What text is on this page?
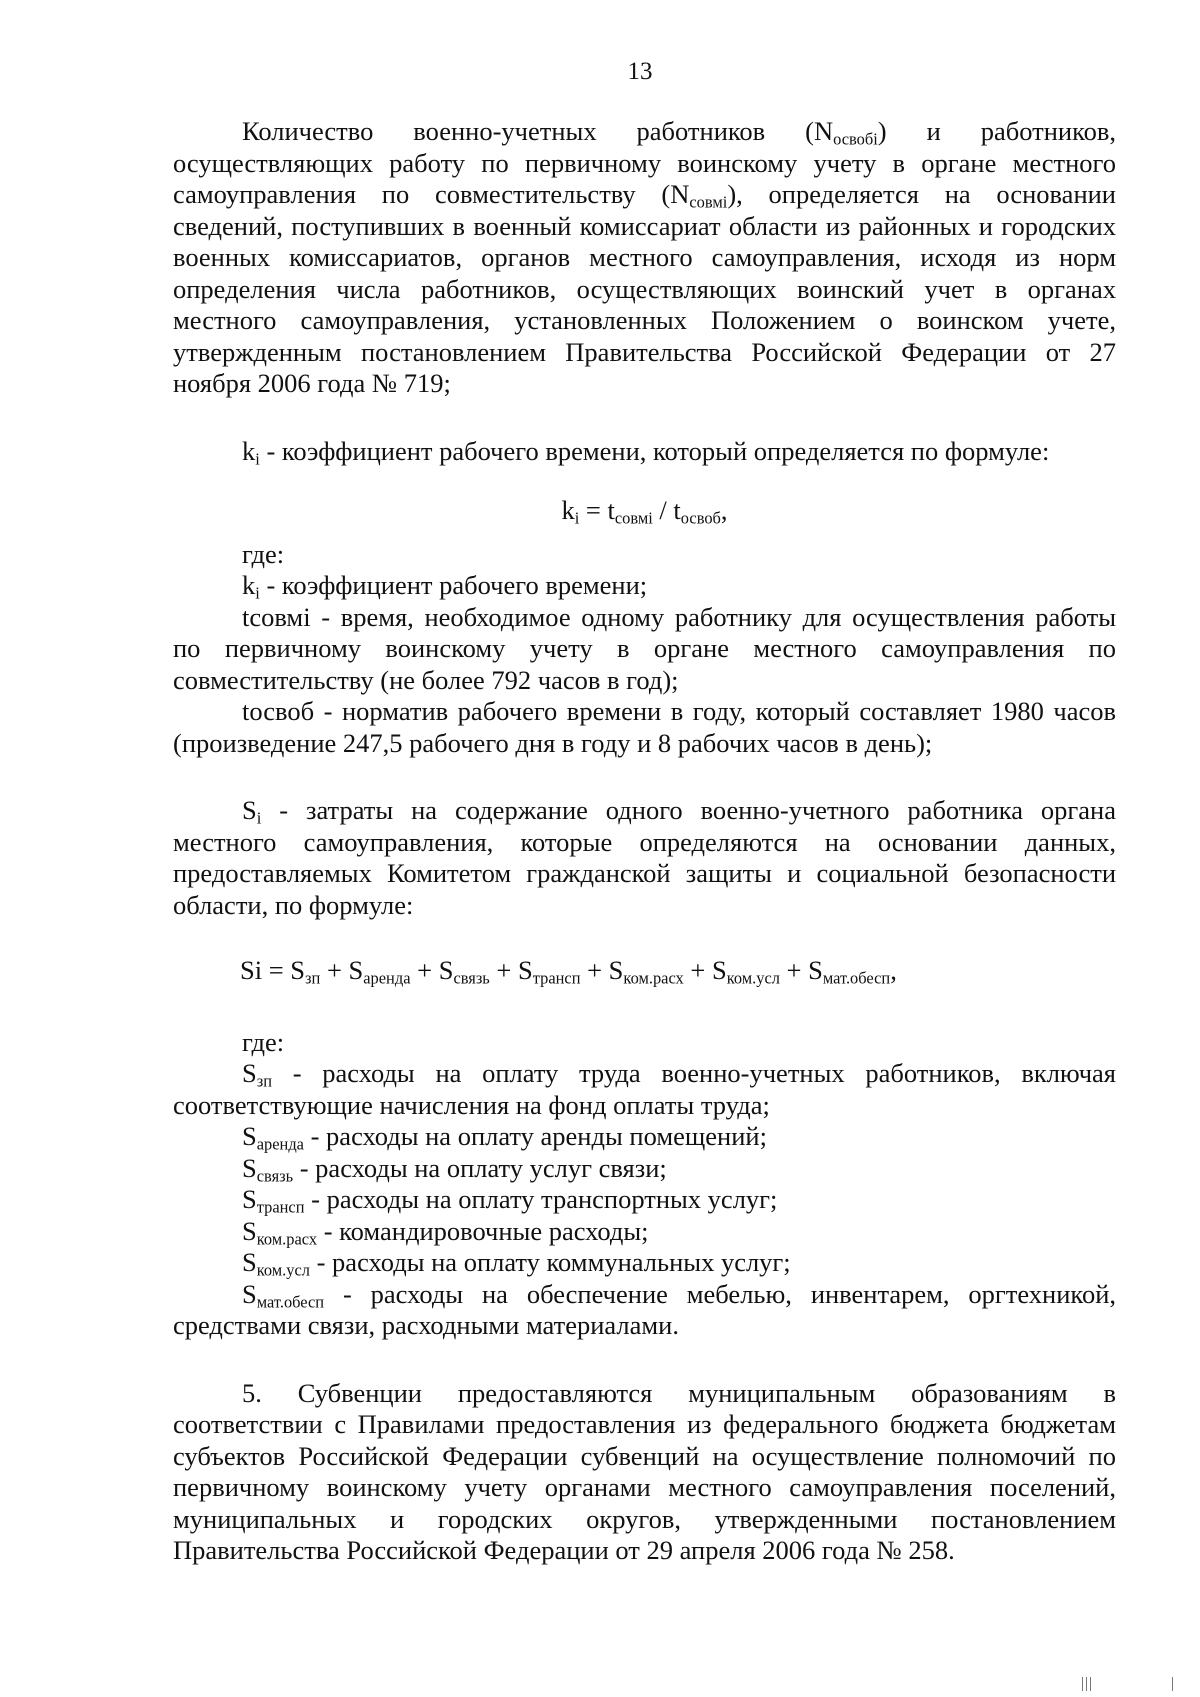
13

Количество военно-учетных работников $(N_{освобi})$ и работников, осуществляющих работу по первичному воинскому учету в органе местного самоуправления по совместительству $(N_{совмi})$, определяется на основании сведений, поступивших в военный комиссариат области из районных и городских военных комиссариатов, органов местного самоуправления, исходя из норм определения числа работников, осуществляющих воинский учет в органах местного самоуправления, установленных Положением о воинском учете, утвержденным постановлением Правительства Российской Федерации от 27 ноября 2006 года № 719;

$k_i$ - коэффициент рабочего времени, который определяется по формуле:

$k_i = t_{совмi} / t_{освоб}$,

где:

$k_i$ - коэффициент рабочего времени;

tсовмi - время, необходимое одному работнику для осуществления работы по первичному воинскому учету в органе местного самоуправления по совместительству (не более 792 часов в год);

tосвоб - норматив рабочего времени в году, который составляет 1980 часов (произведение 247,5 рабочего дня в году и 8 рабочих часов в день);

$S_i$ - затраты на содержание одного военно-учетного работника органа местного самоуправления, которые определяются на основании данных, предоставляемых Комитетом гражданской защиты и социальной безопасности области, по формуле:

$Si = S_{зп} + S_{аренда} + S_{связь} + S_{трансп} + S_{ком.расх} + S_{ком.усл} + S_{мат.обесп}$,

где:

$S_{зп}$ - расходы на оплату труда военно-учетных работников, включая соответствующие начисления на фонд оплаты труда;

$S_{аренда}$ - расходы на оплату аренды помещений;

$S_{связь}$ - расходы на оплату услуг связи;

$S_{трансп}$ - расходы на оплату транспортных услуг;

$S_{ком.расх}$ - командировочные расходы;

$S_{ком.усл}$ - расходы на оплату коммунальных услуг;

$S_{мат.обесп}$ - расходы на обеспечение мебелью, инвентарем, оргтехникой, средствами связи, расходными материалами.

5. Субвенции предоставляются муниципальным образованиям в соответствии с Правилами предоставления из федерального бюджета бюджетам субъектов Российской Федерации субвенций на осуществление полномочий по первичному воинскому учету органами местного самоуправления поселений, муниципальных и городских округов, утвержденными постановлением Правительства Российской Федерации от 29 апреля 2006 года № 258.
